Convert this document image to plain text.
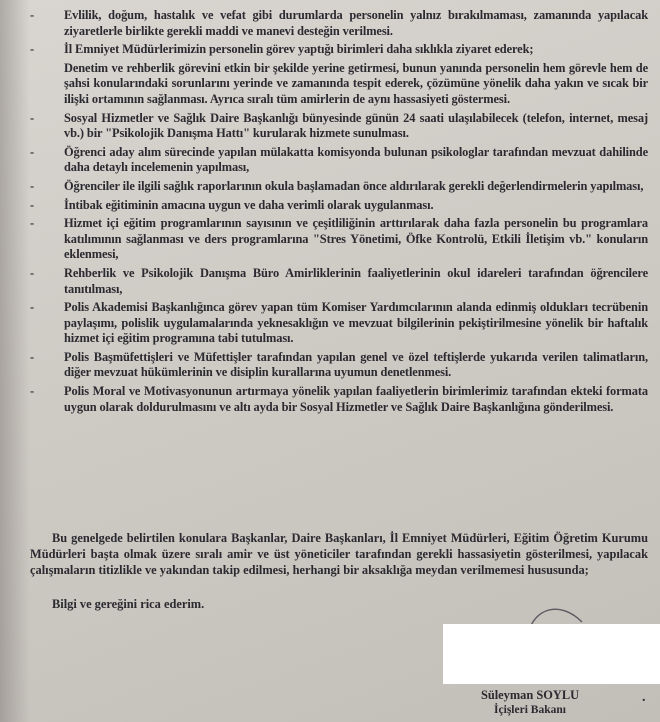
- Evlilik, doğum, hastalık ve vefat gibi durumlarda personelin yalnız bırakılmaması, zamanında yapılacak ziyaretlerle birlikte gerekli maddi ve manevi desteğin verilmesi.
- İl Emniyet Müdürlerimizin personelin görev yaptığı birimleri daha sıklıkla ziyaret ederek;
Denetim ve rehberlik görevini etkin bir şekilde yerine getirmesi, bunun yanında personelin hem görevle hem de şahsi konularındaki sorunlarını yerinde ve zamanında tespit ederek, çözümüne yönelik daha yakın ve sıcak bir ilişki ortamının sağlanması. Ayrıca sıralı tüm amirlerin de aynı hassasiyeti göstermesi.
- Sosyal Hizmetler ve Sağlık Daire Başkanlığı bünyesinde günün 24 saati ulaşılabilecek (telefon, internet, mesaj vb.) bir "Psikolojik Danışma Hattı" kurularak hizmete sunulması.
- Öğrenci aday alım sürecinde yapılan mülakatta komisyonda bulunan psikologlar tarafından mevzuat dahilinde daha detaylı incelemenin yapılması,
- Öğrenciler ile ilgili sağlık raporlarının okula başlamadan önce aldırılarak gerekli değerlendirmelerin yapılması,
- İntibak eğitiminin amacına uygun ve daha verimli olarak uygulanması.
- Hizmet içi eğitim programlarının sayısının ve çeşitliliğinin arttırılarak daha fazla personelin bu programlara katılımının sağlanması ve ders programlarına "Stres Yönetimi, Öfke Kontrolü, Etkili İletişim vb." konuların eklenmesi,
- Rehberlik ve Psikolojik Danışma Büro Amirliklerinin faaliyetlerinin okul idareleri tarafından öğrencilere tanıtılması,
- Polis Akademisi Başkanlığınca görev yapan tüm Komiser Yardımcılarının alanda edinmiş oldukları tecrübenin paylaşımı, polislik uygulamalarında yeknesaklığın ve mevzuat bilgilerinin pekiştirilmesine yönelik bir haftalık hizmet içi eğitim programına tabi tutulması.
- Polis Başmüfettişleri ve Müfettişler tarafından yapılan genel ve özel teftişlerde yukarıda verilen talimatların, diğer mevzuat hükümlerinin ve disiplin kurallarına uyumun denetlenmesi.
- Polis Moral ve Motivasyonunun artırmaya yönelik yapılan faaliyetlerin birimlerimiz tarafından ekteki formata uygun olarak doldurulmasını ve altı ayda bir Sosyal Hizmetler ve Sağlık Daire Başkanlığına gönderilmesi.

Bu genelgede belirtilen konulara Başkanlar, Daire Başkanları, İl Emniyet Müdürleri, Eğitim Öğretim Kurumu Müdürleri başta olmak üzere sıralı amir ve üst yöneticiler tarafından gerekli hassasiyetin gösterilmesi, yapılacak çalışmaların titizlikle ve yakından takip edilmesi, herhangi bir aksaklığa meydan verilmemesi hususunda;

Bilgi ve gereğini rica ederim.

Süleyman SOYLU
İçişleri Bakanı
.
